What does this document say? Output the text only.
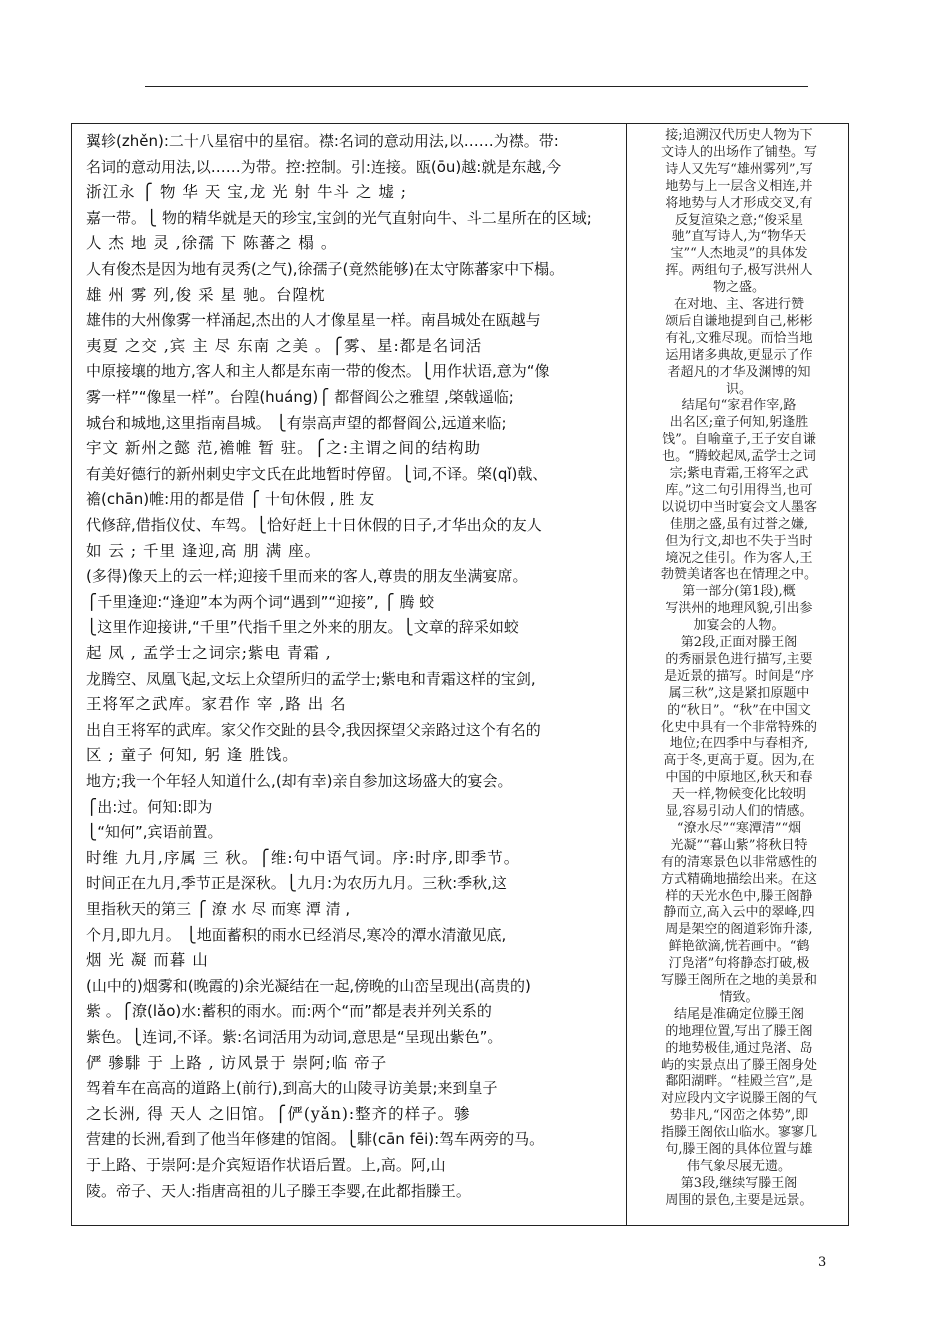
翼轸(zhěn):二十八星宿中的星宿。襟:名词的意动用法,以……为襟。带:
名词的意动用法,以……为带。控:控制。引:连接。瓯(ōu)越:就是东越,今
浙江永 ⎧ 物 华 天 宝,龙 光 射 牛斗 之 墟 ;
嘉一带。⎩ 物的精华就是天的珍宝,宝剑的光气直射向牛、斗二星所在的区域;
人 杰 地 灵 ,徐孺 下 陈蕃之 榻 。
人有俊杰是因为地有灵秀(之气),徐孺子(竟然能够)在太守陈蕃家中下榻。
雄 州 雾 列,俊 采 星 驰。台隍枕
雄伟的大州像雾一样涌起,杰出的人才像星星一样。南昌城处在瓯越与
夷夏 之交 ,宾 主 尽 东南 之美 。⎧雾、星:都是名词活
中原接壤的地方,客人和主人都是东南一带的俊杰。⎩用作状语,意为“像
雾一样”“像星一样”。台隍(huáng)⎧ 都督阎公之雅望 ,棨戟遥临;
城台和城地,这里指南昌城。 ⎩有崇高声望的都督阎公,远道来临;
宇文 新州之懿 范,襜帷 暂 驻。⎧之:主谓之间的结构助
有美好德行的新州刺史宇文氏在此地暂时停留。⎩词,不译。棨(qǐ)戟、
襜(chān)帷:用的都是借 ⎧ 十旬休假 , 胜 友
代修辞,借指仪仗、车驾。⎩恰好赶上十日休假的日子,才华出众的友人
如 云 ; 千里 逢迎,高 朋 满 座。
(多得)像天上的云一样;迎接千里而来的客人,尊贵的朋友坐满宴席。
⎧千里逢迎:“逢迎”本为两个词“遇到”“迎接”, ⎧ 腾 蛟
⎩这里作迎接讲,“千里”代指千里之外来的朋友。⎩文章的辞采如蛟
起 凤 , 孟学士之词宗;紫电 青霜 ,
龙腾空、凤凰飞起,文坛上众望所归的孟学士;紫电和青霜这样的宝剑,
王将军之武库。家君作 宰 ,路 出 名
出自王将军的武库。家父作交趾的县令,我因探望父亲路过这个有名的
区 ; 童子 何知, 躬 逢 胜饯。
地方;我一个年轻人知道什么,(却有幸)亲自参加这场盛大的宴会。
⎧出:过。何知:即为
⎩“知何”,宾语前置。
时维 九月,序属 三 秋。⎧维:句中语气词。序:时序,即季节。
时间正在九月,季节正是深秋。⎩九月:为农历九月。三秋:季秋,这
里指秋天的第三 ⎧ 潦 水 尽 而寒 潭 清 ,
个月,即九月。 ⎩地面蓄积的雨水已经消尽,寒冷的潭水清澈见底,
烟 光 凝 而暮 山
(山中的)烟雾和(晚霞的)余光凝结在一起,傍晚的山峦呈现出(高贵的)
紫 。⎧潦(lǎo)水:蓄积的雨水。而:两个“而”都是表并列关系的
紫色。⎩连词,不译。紫:名词活用为动词,意思是“呈现出紫色”。
俨 骖騑 于 上路 , 访风景于 崇阿;临 帝子
驾着车在高高的道路上(前行),到高大的山陵寻访美景;来到皇子
之长洲, 得 天人 之旧馆。⎧俨(yǎn):整齐的样子。骖
营建的长洲,看到了他当年修建的馆阁。⎩騑(cān fēi):驾车两旁的马。
于上路、于崇阿:是介宾短语作状语后置。上,高。阿,山
陵。帝子、天人:指唐高祖的儿子滕王李婴,在此都指滕王。
接;追溯汉代历史人物为下
文诗人的出场作了铺垫。写
诗人又先写“雄州雾列”,写
地势与上一层含义相连,并
将地势与人才形成交叉,有
反复渲染之意;“俊采星
驰”直写诗人,为“物华天
宝”“人杰地灵”的具体发
挥。两组句子,极写洪州人
物之盛。
在对地、主、客进行赞
颂后自谦地提到自己,彬彬
有礼,文雅尽现。而恰当地
运用诸多典故,更显示了作
者超凡的才华及渊博的知
识。
结尾句“家君作宰,路
出名区;童子何知,躬逢胜
饯”。自喻童子,王子安自谦
也。“腾蛟起凤,孟学士之词
宗;紫电青霜,王将军之武
库。”这二句引用得当,也可
以说切中当时宴会文人墨客
佳朋之盛,虽有过誉之嫌,
但为行文,却也不失于当时
境况之佳引。作为客人,王
勃赞美诸客也在情理之中。
第一部分(第1段),概
写洪州的地理风貌,引出参
加宴会的人物。
第2段,正面对滕王阁
的秀丽景色进行描写,主要
是近景的描写。时间是“序
属三秋”,这是紧扣原题中
的“秋日”。“秋”在中国文
化史中具有一个非常特殊的
地位;在四季中与春相齐,
高于冬,更高于夏。因为,在
中国的中原地区,秋天和春
天一样,物候变化比较明
显,容易引动人们的情感。
“潦水尽”“寒潭清”“烟
光凝”“暮山紫”将秋日特
有的清寒景色以非常感性的
方式精确地描绘出来。在这
样的天光水色中,滕王阁静
静而立,高入云中的翠峰,四
周是架空的阁道彩饰升漆,
鲜艳欲滴,恍若画中。“鹤
汀凫渚”句将静态打破,极
写滕王阁所在之地的美景和
情致。
结尾是准确定位滕王阁
的地理位置,写出了滕王阁
的地势极佳,通过凫渚、岛
屿的实景点出了滕王阁身处
鄱阳湖畔。“桂殿兰宫”,是
对应段内文字说滕王阁的气
势非凡,“冈峦之体势”,即
指滕王阁依山临水。寥寥几
句,滕王阁的具体位置与雄
伟气象尽展无遗。
第3段,继续写滕王阁
周围的景色,主要是远景。
3
